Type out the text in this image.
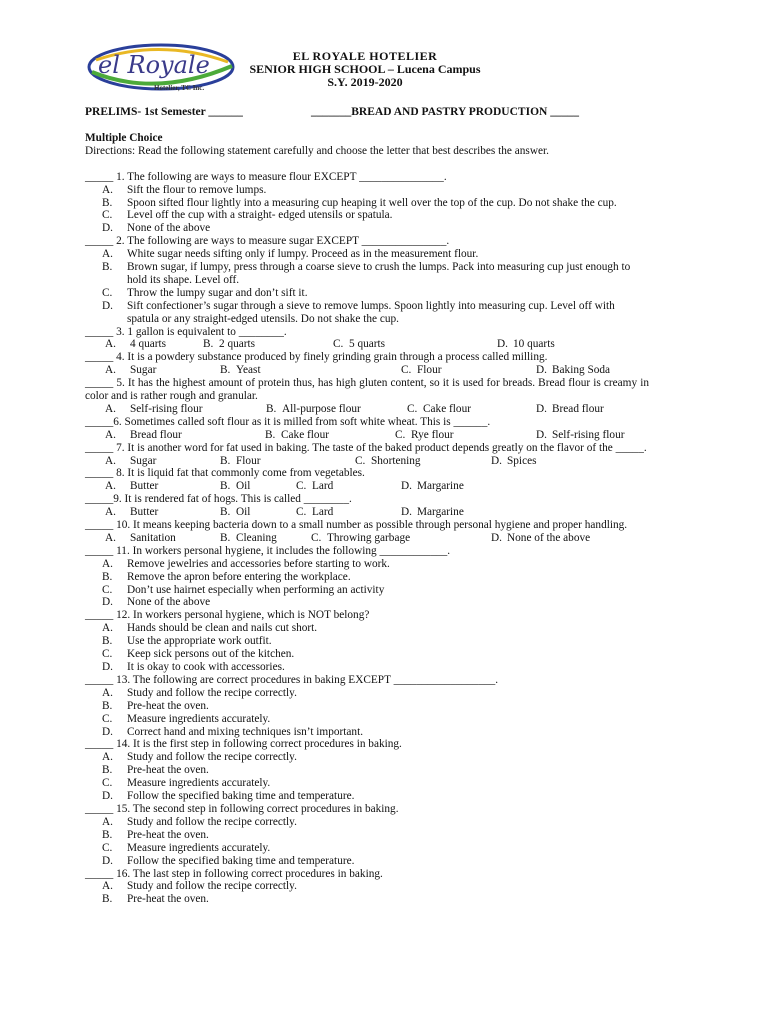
el Royale
Hotelier, TC Inc.
EL ROYALE HOTELIER
SENIOR HIGH SCHOOL – Lucena Campus
S.Y. 2019-2020
PRELIMS- 1st Semester ______	_______BREAD AND PASTRY PRODUCTION _____
Multiple Choice
Directions: Read the following statement carefully and choose the letter that best describes the answer.
_____ 1. The following are ways to measure flour EXCEPT _______________.
A.	Sift the flour to remove lumps.
B.	Spoon sifted flour lightly into a measuring cup heaping it well over the top of the cup. Do not shake the cup.
C.	Level off the cup with a straight- edged utensils or spatula.
D.	None of the above
_____ 2. The following are ways to measure sugar EXCEPT _______________.
A.	White sugar needs sifting only if lumpy. Proceed as in the measurement flour.
B.	Brown sugar, if lumpy, press through a coarse sieve to crush the lumps. Pack into measuring cup just enough to hold its shape. Level off.
C.	Throw the lumpy sugar and don’t sift it.
D.	Sift confectioner’s sugar through a sieve to remove lumps. Spoon lightly into measuring cup. Level off with spatula or any straight-edged utensils. Do not shake the cup.
_____ 3. 1 gallon is equivalent to ________.
A. 4 quarts	B. 2 quarts	C. 5 quarts	D. 10 quarts
_____ 4. It is a powdery substance produced by finely grinding grain through a process called milling.
A. Sugar	B. Yeast	C. Flour	D. Baking Soda
_____ 5. It has the highest amount of protein thus, has high gluten content, so it is used for breads. Bread flour is creamy in color and is rather rough and granular.
A. Self-rising flour	B. All-purpose flour	C. Cake flour	D. Bread flour
_____6. Sometimes called soft flour as it is milled from soft white wheat. This is ______.
A. Bread flour	B. Cake flour	C. Rye flour	D. Self-rising flour
_____ 7. It is another word for fat used in baking. The taste of the baked product depends greatly on the flavor of the _____.
A. Sugar	B. Flour	C. Shortening	D. Spices
_____ 8. It is liquid fat that commonly come from vegetables.
A. Butter	B. Oil	C. Lard	D. Margarine
_____9. It is rendered fat of hogs. This is called ________.
A. Butter	B. Oil	C. Lard	D. Margarine
_____ 10. It means keeping bacteria down to a small number as possible through personal hygiene and proper handling.
A. Sanitation	B. Cleaning	C. Throwing garbage	D. None of the above
_____ 11. In workers personal hygiene, it includes the following ____________.
A.	Remove jewelries and accessories before starting to work.
B.	Remove the apron before entering the workplace.
C.	Don’t use hairnet especially when performing an activity
D.	None of the above
_____ 12. In workers personal hygiene, which is NOT belong?
A.	Hands should be clean and nails cut short.
B.	Use the appropriate work outfit.
C.	Keep sick persons out of the kitchen.
D.	It is okay to cook with accessories.
_____ 13. The following are correct procedures in baking EXCEPT __________________.
A.	Study and follow the recipe correctly.
B.	Pre-heat the oven.
C.	Measure ingredients accurately.
D.	Correct hand and mixing techniques isn’t important.
_____ 14. It is the first step in following correct procedures in baking.
A.	Study and follow the recipe correctly.
B.	Pre-heat the oven.
C.	Measure ingredients accurately.
D.	Follow the specified baking time and temperature.
_____ 15. The second step in following correct procedures in baking.
A.	Study and follow the recipe correctly.
B.	Pre-heat the oven.
C.	Measure ingredients accurately.
D.	Follow the specified baking time and temperature.
_____ 16. The last step in following correct procedures in baking.
A.	Study and follow the recipe correctly.
B.	Pre-heat the oven.
